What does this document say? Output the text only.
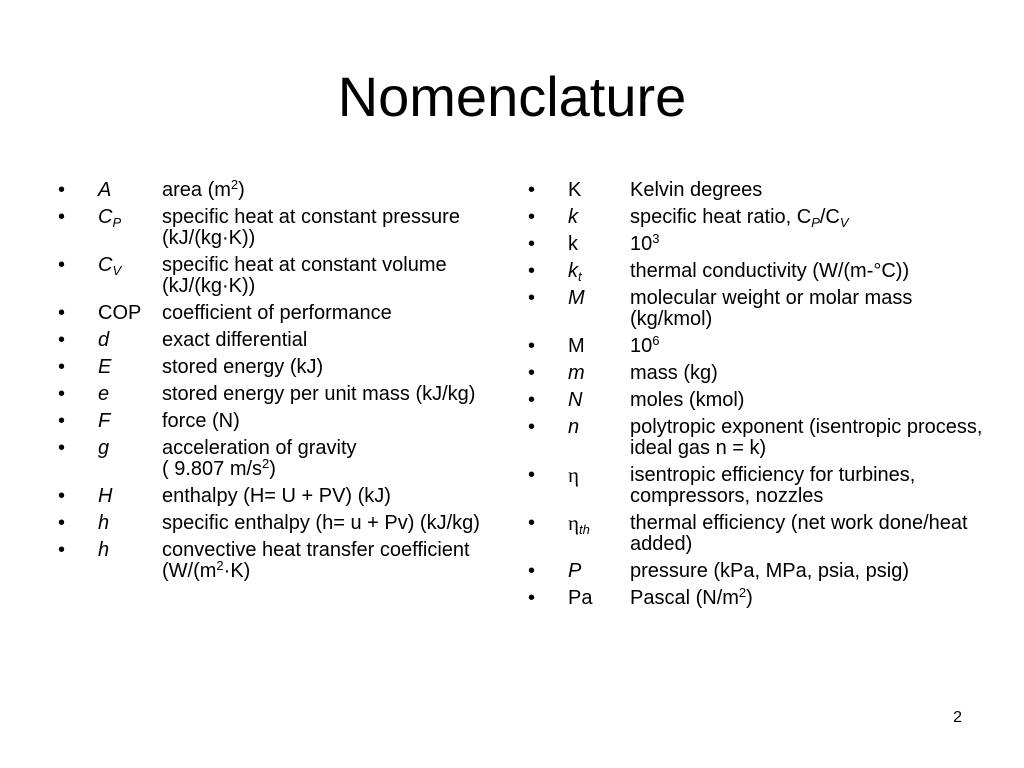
Nomenclature
•	A	area $(m^2)$
•	$C_P$	specific heat at constant pressure (kJ/(kg·K))
•	$C_V$	specific heat at constant volume (kJ/(kg·K))
•	COP	coefficient of performance
•	d	exact differential
•	E	stored energy (kJ)
•	e	stored energy per unit mass (kJ/kg)
•	F	force (N)
•	g	acceleration of gravity
( 9.807 $m/s^2$)
•	H	enthalpy (H= U + PV) (kJ)
•	h	specific enthalpy (h= u + Pv) (kJ/kg)
•	h	convective heat transfer coefficient ($W/(m^2\cdot K)$
•	K	Kelvin degrees
•	k	specific heat ratio, $C_P/C_V$
•	k	$10^3$
•	$k_t$	thermal conductivity (W/(m-°C))
•	M	molecular weight or molar mass (kg/kmol)
•	M	$10^6$
•	m	mass (kg)
•	N	moles (kmol)
•	n	polytropic exponent (isentropic process, ideal gas n = k)
•	η	isentropic efficiency for turbines, compressors, nozzles
•	$\eta_{th}$	thermal efficiency (net work done/heat added)
•	P	pressure (kPa, MPa, psia, psig)
•	Pa	Pascal $(N/m^2)$
2
